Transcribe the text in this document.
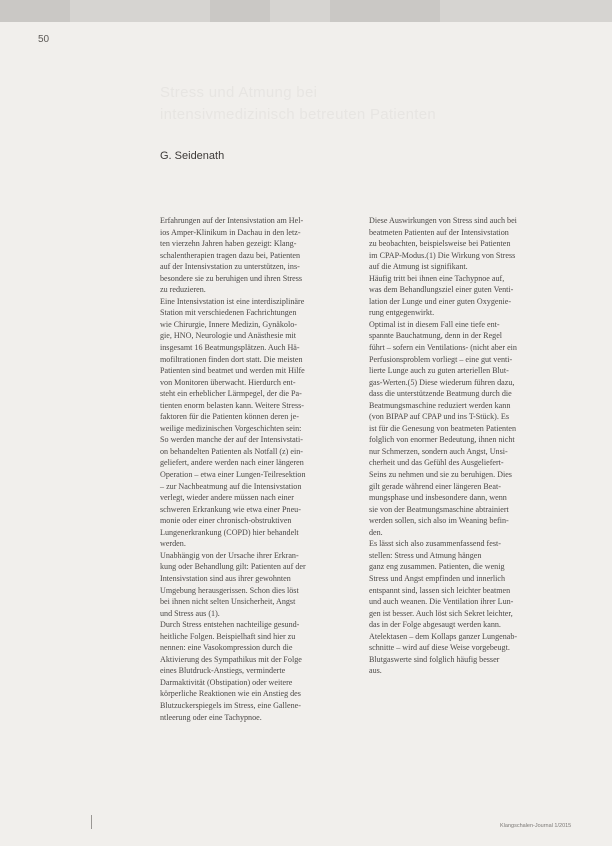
50
Stress und Atmung bei
intensivmedizinisch betreuten Patienten
G. Seidenath

Erfahrungen auf der Intensivstation am Hel-

ios Amper-Klinikum in Dachau in den letz-

ten vierzehn Jahren haben gezeigt: Klang-

schalentherapien tragen dazu bei, Patienten

auf der Intensivstation zu unterstützen, ins-

besondere sie zu beruhigen und ihren Stress

zu reduzieren.

Eine Intensivstation ist eine interdisziplinäre

Station mit verschiedenen Fachrichtungen

wie Chirurgie, Innere Medizin, Gynäkolo-

gie, HNO, Neurologie und Anästhesie mit

insgesamt 16 Beatmungsplätzen. Auch Hä-

mofiltrationen finden dort statt. Die meisten

Patienten sind beatmet und werden mit Hilfe

von Monitoren überwacht. Hierdurch ent-

steht ein erheblicher Lärmpegel, der die Pa-

tienten enorm belasten kann. Weitere Stress-

faktoren für die Patienten können deren je-

weilige medizinischen Vorgeschichten sein:

So werden manche der auf der Intensivstati-

on behandelten Patienten als Notfall (z) ein-

geliefert, andere werden nach einer längeren

Operation – etwa einer Lungen-Teilresektion

– zur Nachbeatmung auf die Intensivstation

verlegt, wieder andere müssen nach einer

schweren Erkrankung wie etwa einer Pneu-

monie oder einer chronisch-obstruktiven

Lungenerkrankung (COPD) hier behandelt

werden.

Unabhängig von der Ursache ihrer Erkran-

kung oder Behandlung gilt: Patienten auf der

Intensivstation sind aus ihrer gewohnten

Umgebung herausgerissen. Schon dies löst

bei ihnen nicht selten Unsicherheit, Angst

und Stress aus (1).

Durch Stress entstehen nachteilige gesund-

heitliche Folgen. Beispielhaft sind hier zu

nennen: eine Vasokompression durch die

Aktivierung des Sympathikus mit der Folge

eines Blutdruck-Anstiegs, verminderte

Darmaktivität (Obstipation) oder weitere

körperliche Reaktionen wie ein Anstieg des

Blutzuckerspiegels im Stress, eine Gallene-

ntleerung oder eine Tachypnoe.

Diese Auswirkungen von Stress sind auch bei

beatmeten Patienten auf der Intensivstation

zu beobachten, beispielsweise bei Patienten

im CPAP-Modus.(1) Die Wirkung von Stress

auf die Atmung ist signifikant.

Häufig tritt bei ihnen eine Tachypnoe auf,

was dem Behandlungsziel einer guten Venti-

lation der Lunge und einer guten Oxygenie-

rung entgegenwirkt.

Optimal ist in diesem Fall eine tiefe ent-

spannte Bauchatmung, denn in der Regel

führt – sofern ein Ventilations- (nicht aber ein

Perfusionsproblem vorliegt – eine gut venti-

lierte Lunge auch zu guten arteriellen Blut-

gas-Werten.(5) Diese wiederum führen dazu,

dass die unterstützende Beatmung durch die

Beatmungsmaschine reduziert werden kann

(von BIPAP auf CPAP und ins T-Stück). Es

ist für die Genesung von beatmeten Patienten

folglich von enormer Bedeutung, ihnen nicht

nur Schmerzen, sondern auch Angst, Unsi-

cherheit und das Gefühl des Ausgeliefert-

Seins zu nehmen und sie zu beruhigen. Dies

gilt gerade während einer längeren Beat-

mungsphase und insbesondere dann, wenn

sie von der Beatmungsmaschine abtrainiert

werden sollen, sich also im Weaning befin-

den.

Es lässt sich also zusammenfassend fest-

stellen: Stress und Atmung hängen

ganz eng zusammen. Patienten, die wenig

Stress und Angst empfinden und innerlich

entspannt sind, lassen sich leichter beatmen

und auch weanen. Die Ventilation ihrer Lun-

gen ist besser. Auch löst sich Sekret leichter,

das in der Folge abgesaugt werden kann.

Atelektasen – dem Kollaps ganzer Lungenab-

schnitte – wird auf diese Weise vorgebeugt.

Blutgaswerte sind folglich häufig besser

aus.

Klangschalen-Journal 1/2015
